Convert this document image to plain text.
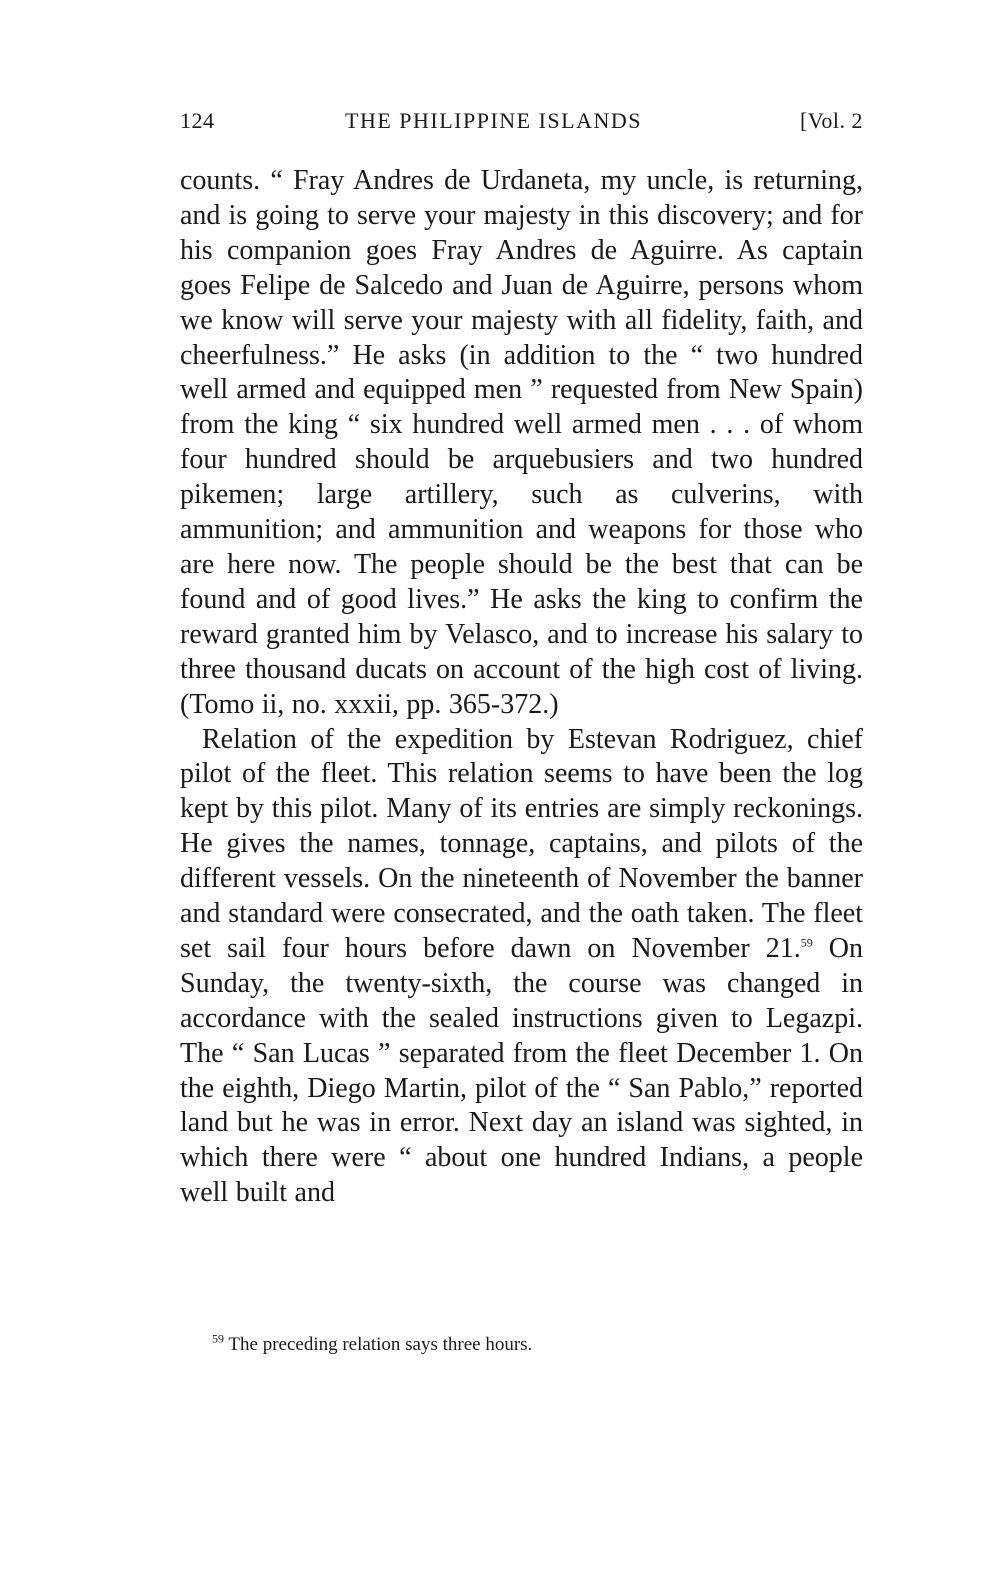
124	THE PHILIPPINE ISLANDS	[Vol. 2

counts. “ Fray Andres de Urdaneta, my uncle, is returning, and is going to serve your majesty in this discovery; and for his companion goes Fray Andres de Aguirre. As captain goes Felipe de Salcedo and Juan de Aguirre, persons whom we know will serve your majesty with all fidelity, faith, and cheerfulness.” He asks (in addition to the “ two hundred well armed and equipped men ” requested from New Spain) from the king “ six hundred well armed men . . . of whom four hundred should be arquebusiers and two hundred pikemen; large artillery, such as culverins, with ammunition; and ammunition and weapons for those who are here now. The people should be the best that can be found and of good lives.” He asks the king to confirm the reward granted him by Velasco, and to increase his salary to three thousand ducats on account of the high cost of living. (Tomo ii, no. xxxii, pp. 365-372.)

Relation of the expedition by Estevan Rodriguez, chief pilot of the fleet. This relation seems to have been the log kept by this pilot. Many of its entries are simply reckonings. He gives the names, tonnage, captains, and pilots of the different vessels. On the nineteenth of November the banner and standard were consecrated, and the oath taken. The fleet set sail four hours before dawn on November 21.59 On Sunday, the twenty-sixth, the course was changed in accordance with the sealed instructions given to Legazpi. The “ San Lucas ” separated from the fleet December 1. On the eighth, Diego Martin, pilot of the “ San Pablo,” reported land but he was in error. Next day an island was sighted, in which there were “ about one hundred Indians, a people well built and

$^{59}$ The preceding relation says three hours.
